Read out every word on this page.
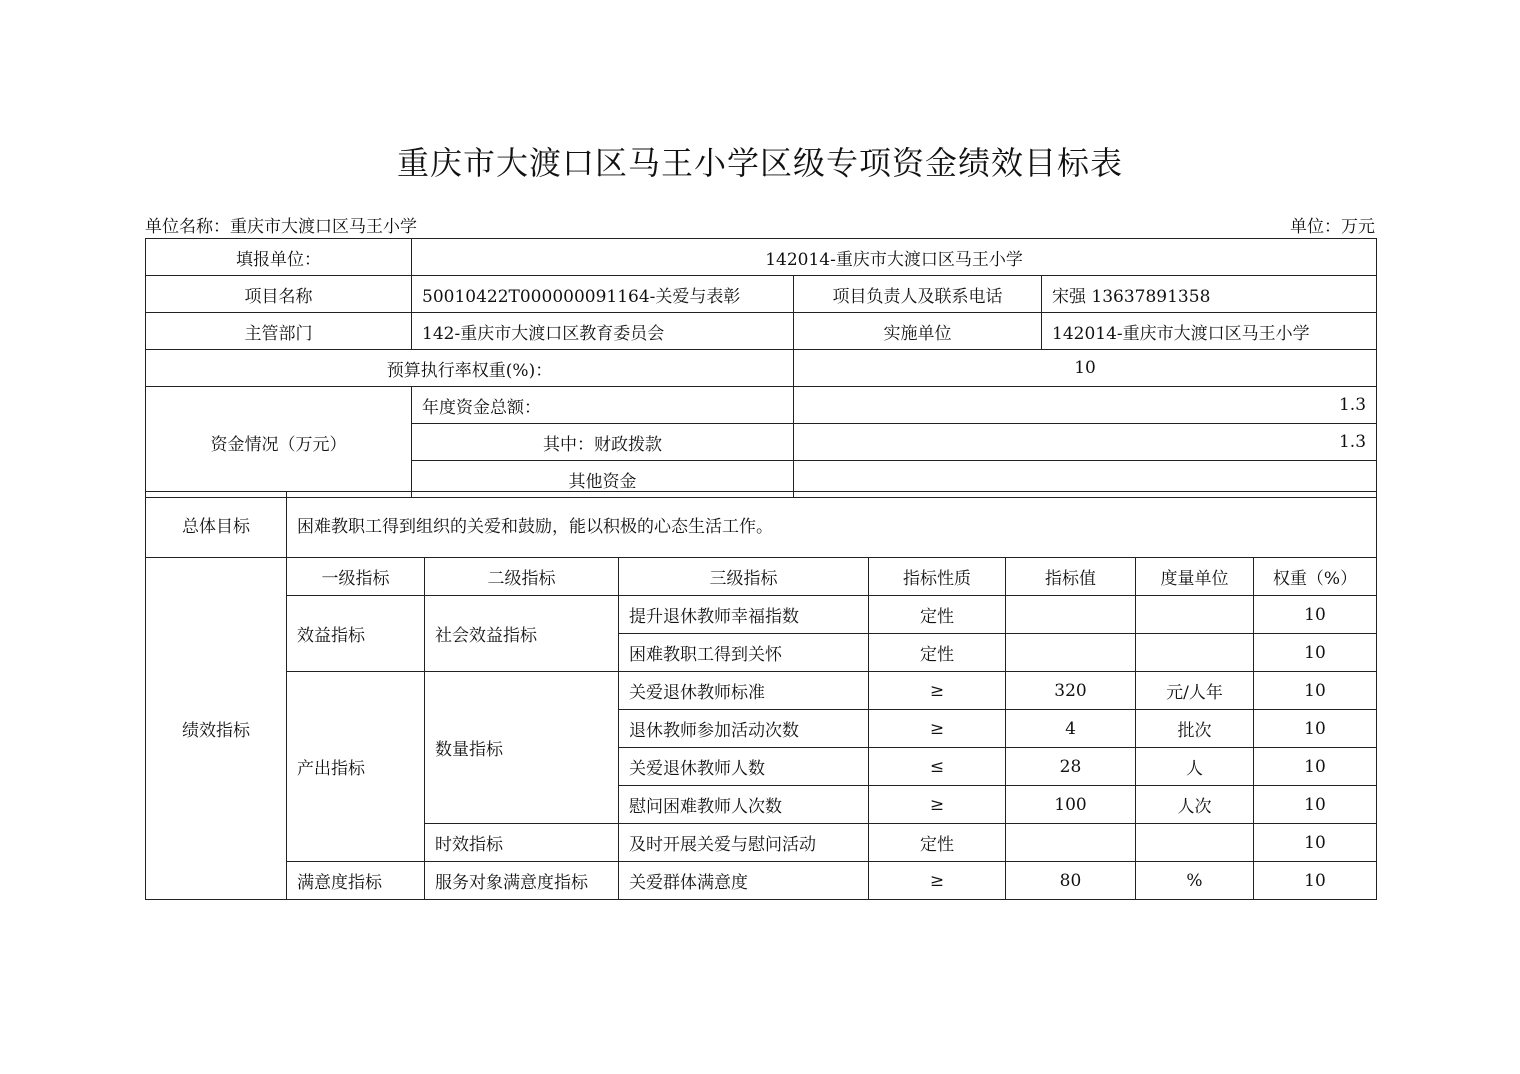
重庆市大渡口区马王小学区级专项资金绩效目标表
单位名称：重庆市大渡口区马王小学	单位：万元
填报单位：	142014-重庆市大渡口区马王小学		
项目名称	50010422T000000091164-关爱与表彰	项目负责人及联系电话	宋强 13637891358
主管部门	142-重庆市大渡口区教育委员会	实施单位	142014-重庆市大渡口区马王小学
预算执行率权重(%)：		10	
资金情况（万元）	年度资金总额：	1.3	
	其中：财政拨款	1.3	
	其他资金		
总体目标	困难教职工得到组织的关爱和鼓励，能以积极的心态生活工作。						
绩效指标	一级指标	二级指标	三级指标	指标性质	指标值	度量单位	权重（%）
	效益指标	社会效益指标	提升退休教师幸福指数	定性			10
			困难教职工得到关怀	定性			10
	产出指标	数量指标	关爱退休教师标准	≥	320	元/人年	10
			退休教师参加活动次数	≥	4	批次	10
			关爱退休教师人数	≤	28	人	10
			慰问困难教师人次数	≥	100	人次	10
		时效指标	及时开展关爱与慰问活动	定性			10
	满意度指标	服务对象满意度指标	关爱群体满意度	≥	80	%	10
